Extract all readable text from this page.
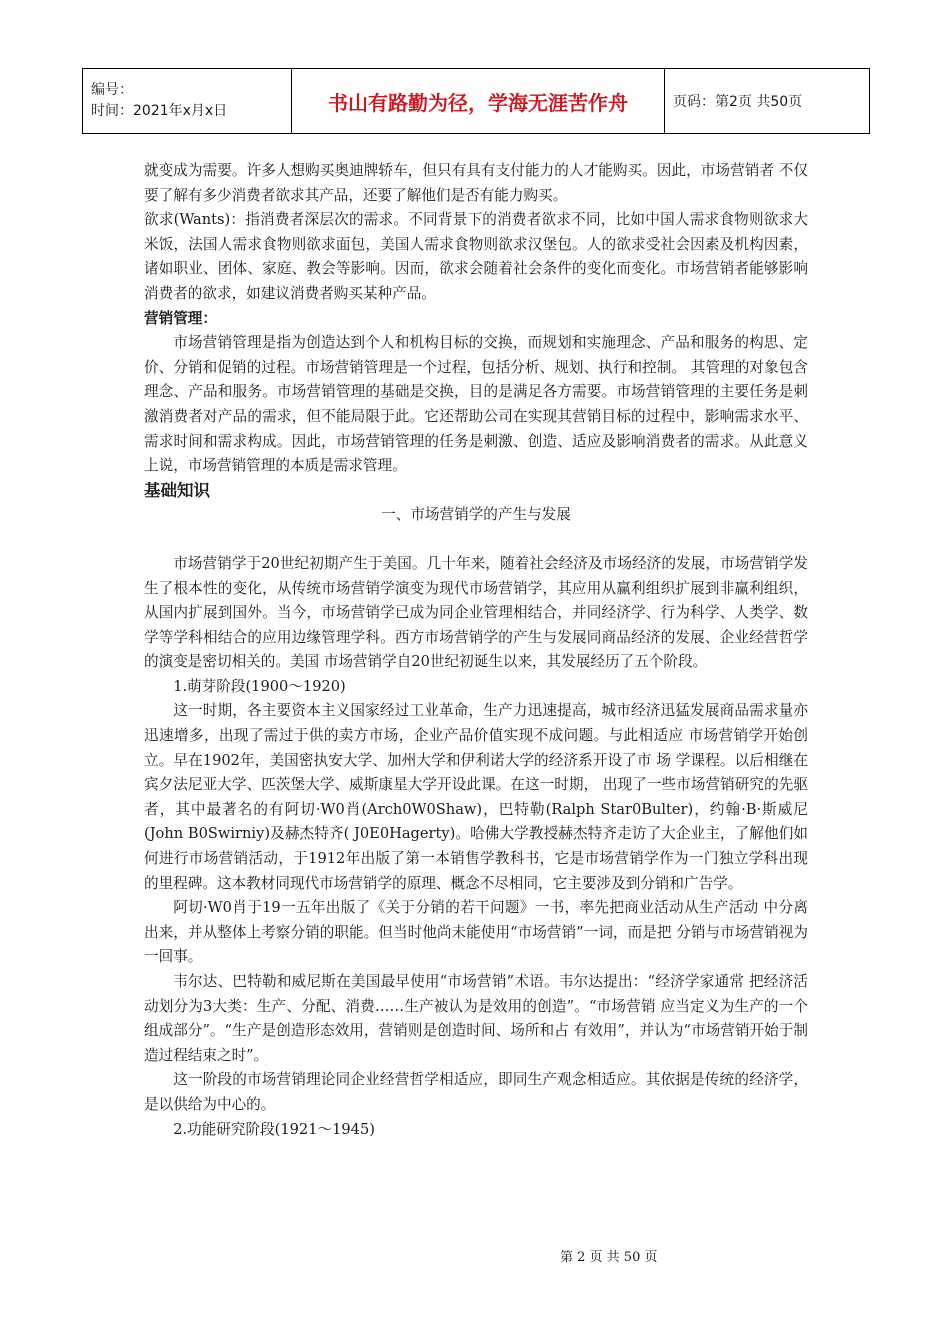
编号：
时间：2021年x月x日	书山有路勤为径，学海无涯苦作舟	页码：第2页 共50页

就变成为需要。许多人想购买奥迪牌轿车，但只有具有支付能力的人才能购买。因此，市场营销者 不仅要了解有多少消费者欲求其产品，还要了解他们是否有能力购买。

欲求(Wants)：指消费者深层次的需求。不同背景下的消费者欲求不同，比如中国人需求食物则欲求大米饭，法国人需求食物则欲求面包，美国人需求食物则欲求汉堡包。人的欲求受社会因素及机构因素，诸如职业、团体、家庭、教会等影响。因而，欲求会随着社会条件的变化而变化。市场营销者能够影响消费者的欲求，如建议消费者购买某种产品。

营销管理：

市场营销管理是指为创造达到个人和机构目标的交换，而规划和实施理念、产品和服务的构思、定价、分销和促销的过程。市场营销管理是一个过程，包括分析、规划、执行和控制。 其管理的对象包含理念、产品和服务。市场营销管理的基础是交换，目的是满足各方需要。市场营销管理的主要任务是刺激消费者对产品的需求，但不能局限于此。它还帮助公司在实现其营销目标的过程中，影响需求水平、需求时间和需求构成。因此，市场营销管理的任务是刺激、创造、适应及影响消费者的需求。从此意义上说，市场营销管理的本质是需求管理。

基础知识

一、市场营销学的产生与发展

市场营销学于20世纪初期产生于美国。几十年来，随着社会经济及市场经济的发展，市场营销学发生了根本性的变化，从传统市场营销学演变为现代市场营销学，其应用从赢利组织扩展到非赢利组织，从国内扩展到国外。当今，市场营销学已成为同企业管理相结合，并同经济学、行为科学、人类学、数学等学科相结合的应用边缘管理学科。西方市场营销学的产生与发展同商品经济的发展、企业经营哲学的演变是密切相关的。美国 市场营销学自20世纪初诞生以来，其发展经历了五个阶段。

1.萌芽阶段(1900～1920)

这一时期，各主要资本主义国家经过工业革命，生产力迅速提高，城市经济迅猛发展商品需求量亦迅速增多，出现了需过于供的卖方市场，企业产品价值实现不成问题。与此相适应 市场营销学开始创立。早在1902年，美国密执安大学、加州大学和伊利诺大学的经济系开设了市 场 学课程。以后相继在宾夕法尼亚大学、匹茨堡大学、威斯康星大学开设此课。在这一时期， 出现了一些市场营销研究的先驱者，其中最著名的有阿切·W0肖(Arch0W0Shaw)，巴特勒(Ralph Star0Bulter)，约翰·B·斯威尼(John B0Swirniy)及赫杰特齐( J0E0Hagerty)。哈佛大学教授赫杰特齐走访了大企业主，了解他们如何进行市场营销活动，于1912年出版了第一本销售学教科书，它是市场营销学作为一门独立学科出现的里程碑。这本教材同现代市场营销学的原理、概念不尽相同，它主要涉及到分销和广告学。

阿切·W0肖于19一五年出版了《关于分销的若干问题》一书，率先把商业活动从生产活动 中分离出来，并从整体上考察分销的职能。但当时他尚未能使用“市场营销”一词，而是把 分销与市场营销视为一回事。

韦尔达、巴特勒和威尼斯在美国最早使用“市场营销”术语。韦尔达提出：“经济学家通常 把经济活动划分为3大类：生产、分配、消费……生产被认为是效用的创造”。“市场营销 应当定义为生产的一个组成部分”。“生产是创造形态效用，营销则是创造时间、场所和占 有效用”，并认为“市场营销开始于制造过程结束之时”。

这一阶段的市场营销理论同企业经营哲学相适应，即同生产观念相适应。其依据是传统的经济学，是以供给为中心的。

2.功能研究阶段(1921～1945)

第 2 页 共 50 页
